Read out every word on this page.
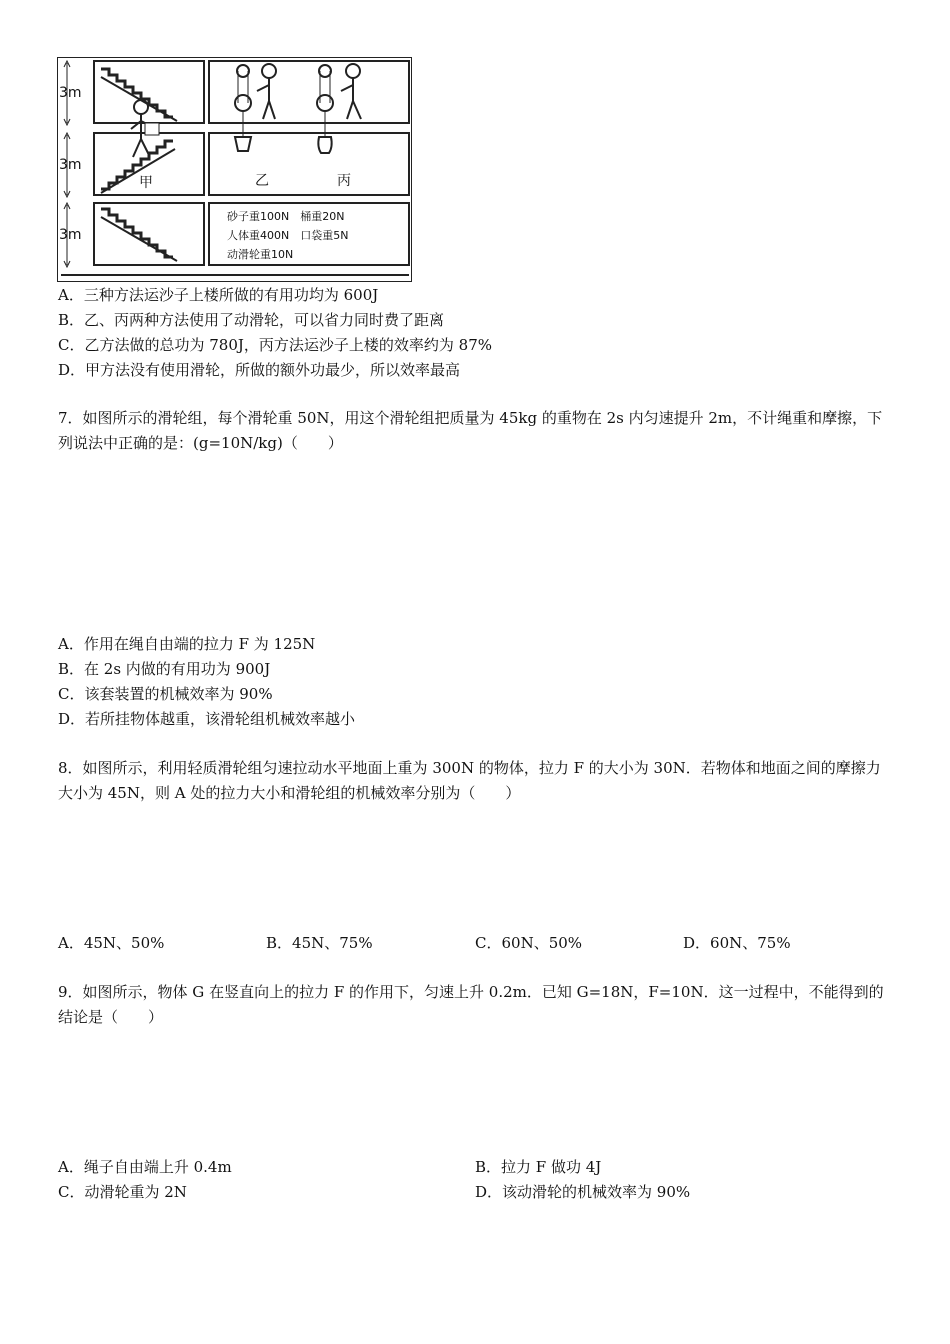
3m
3m
3m
甲	乙	丙
砂子重100N　桶重20N
人体重400N　口袋重5N
动滑轮重10N
A．三种方法运沙子上楼所做的有用功均为 600J
B．乙、丙两种方法使用了动滑轮，可以省力同时费了距离
C．乙方法做的总功为 780J，丙方法运沙子上楼的效率约为 87%
D．甲方法没有使用滑轮，所做的额外功最少，所以效率最高
7．如图所示的滑轮组，每个滑轮重 50N，用这个滑轮组把质量为 45kg 的重物在 2s 内匀速提升 2m，不计绳重和摩擦，下列说法中正确的是：(g=10N/kg)（　　）
A．作用在绳自由端的拉力 F 为 125N
B．在 2s 内做的有用功为 900J
C．该套装置的机械效率为 90%
D．若所挂物体越重，该滑轮组机械效率越小
8．如图所示，利用轻质滑轮组匀速拉动水平地面上重为 300N 的物体，拉力 F 的大小为 30N．若物体和地面之间的摩擦力大小为 45N，则 A 处的拉力大小和滑轮组的机械效率分别为（　　）
A．45N、50%	B．45N、75%	C．60N、50%	D．60N、75%
9．如图所示，物体 G 在竖直向上的拉力 F 的作用下，匀速上升 0.2m．已知 G=18N，F=10N．这一过程中，不能得到的结论是（　　）
A．绳子自由端上升 0.4m	B．拉力 F 做功 4J
C．动滑轮重为 2N	D．该动滑轮的机械效率为 90%
